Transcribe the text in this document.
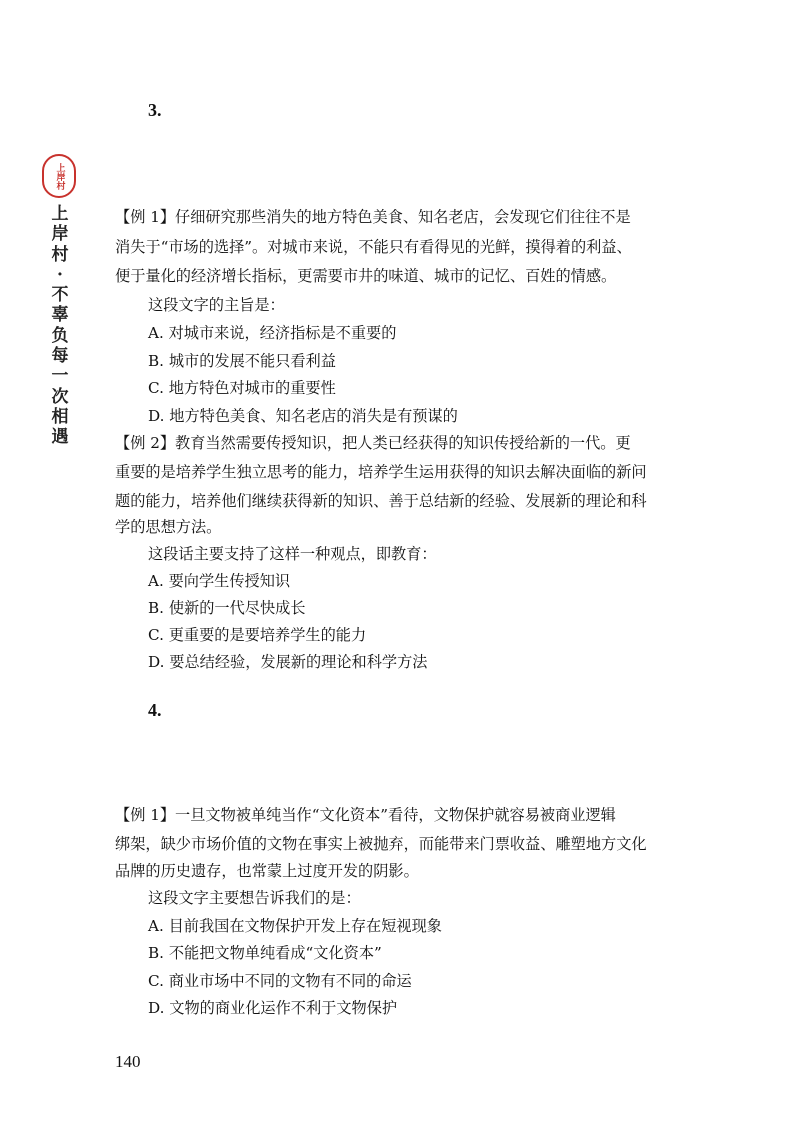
上岸村
上
岸
村
·
不
辜
负
每
一
次
相
遇
3.
【例 1】仔细研究那些消失的地方特色美食、知名老店，会发现它们往往不是
消失于“市场的选择”。对城市来说，不能只有看得见的光鲜，摸得着的利益、
便于量化的经济增长指标，更需要市井的味道、城市的记忆、百姓的情感。
这段文字的主旨是：
A. 对城市来说，经济指标是不重要的
B. 城市的发展不能只看利益
C. 地方特色对城市的重要性
D. 地方特色美食、知名老店的消失是有预谋的
【例 2】教育当然需要传授知识，把人类已经获得的知识传授给新的一代。更
重要的是培养学生独立思考的能力，培养学生运用获得的知识去解决面临的新问
题的能力，培养他们继续获得新的知识、善于总结新的经验、发展新的理论和科
学的思想方法。
这段话主要支持了这样一种观点，即教育：
A. 要向学生传授知识
B. 使新的一代尽快成长
C. 更重要的是要培养学生的能力
D. 要总结经验，发展新的理论和科学方法
4.
【例 1】一旦文物被单纯当作“文化资本”看待，文物保护就容易被商业逻辑
绑架，缺少市场价值的文物在事实上被抛弃，而能带来门票收益、雕塑地方文化
品牌的历史遗存，也常蒙上过度开发的阴影。
这段文字主要想告诉我们的是：
A. 目前我国在文物保护开发上存在短视现象
B. 不能把文物单纯看成“文化资本”
C. 商业市场中不同的文物有不同的命运
D. 文物的商业化运作不利于文物保护
140
